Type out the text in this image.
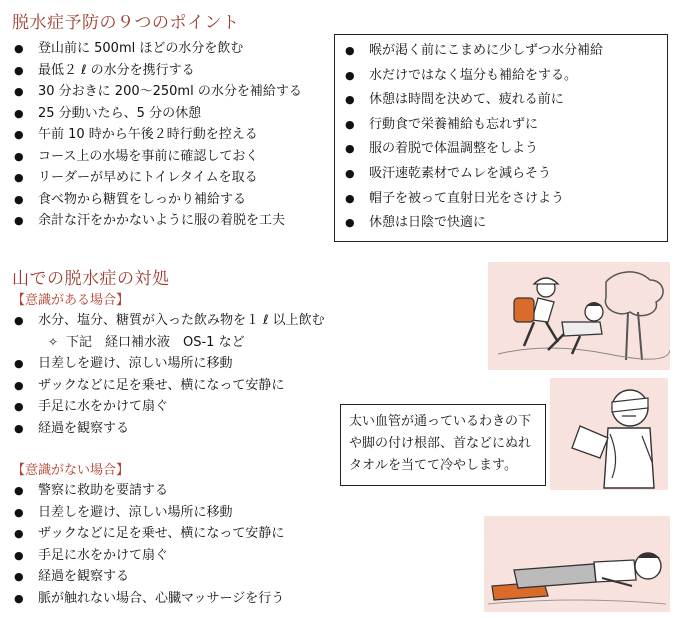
脱水症予防の９つのポイント
● 登山前に 500ml ほどの水分を飲む
● 最低２ ℓ の水分を携行する
● 30 分おきに 200～250ml の水分を補給する
● 25 分動いたら、5 分の休憩
● 午前 10 時から午後２時行動を控える
● コース上の水場を事前に確認しておく
● リーダーが早めにトイレタイムを取る
● 食べ物から糖質をしっかり補給する
● 余計な汗をかかないように服の着脱を工夫
● 喉が渇く前にこまめに少しずつ水分補給
● 水だけではなく塩分も補給をする。
● 休憩は時間を決めて、疲れる前に
● 行動食で栄養補給も忘れずに
● 服の着脱で体温調整をしよう
● 吸汗速乾素材でムレを減らそう
● 帽子を被って直射日光をさけよう
● 休憩は日陰で快適に
山での脱水症の対処
【意識がある場合】
● 水分、塩分、糖質が入った飲み物を１ ℓ 以上飲む
✧ 下記　経口補水液　OS-1 など
● 日差しを避け、涼しい場所に移動
● ザックなどに足を乗せ、横になって安静に
● 手足に水をかけて扇ぐ
● 経過を観察する
【意識がない場合】
● 警察に救助を要請する
● 日差しを避け、涼しい場所に移動
● ザックなどに足を乗せ、横になって安静に
● 手足に水をかけて扇ぐ
● 経過を観察する
● 脈が触れない場合、心臓マッサージを行う
太い血管が通っているわきの下
や脚の付け根部、首などにぬれ
タオルを当てて冷やします。
